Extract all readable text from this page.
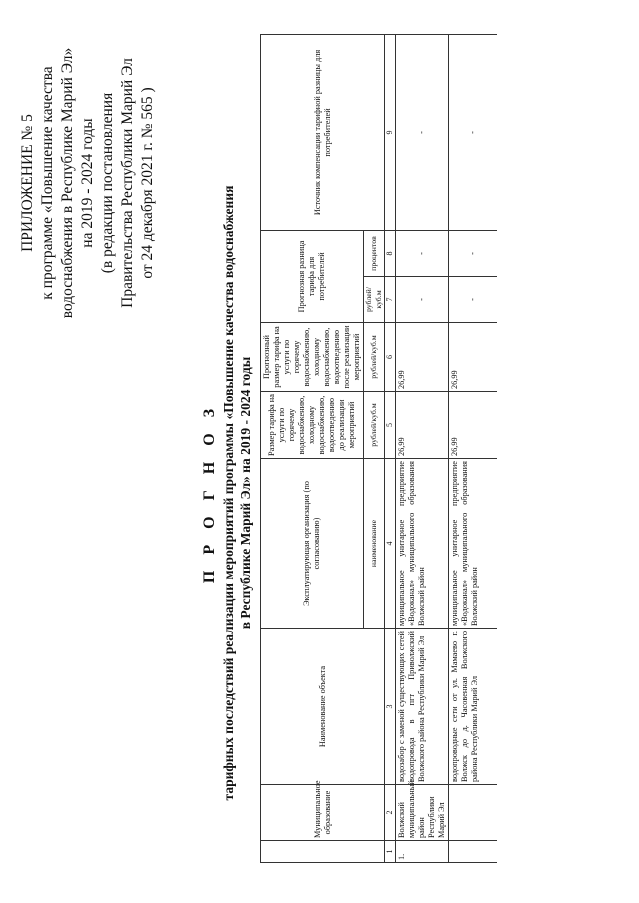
ПРИЛОЖЕНИЕ № 5 к программе «Повышение качества водоснабжения в Республике Марий Эл» на 2019 - 2024 годы (в редакции постановления Правительства Республики Марий Эл от 24 декабря 2021 г. № 565 )
П Р О Г Н О З тарифных последствий реализации мероприятий программы «Повышение качества водоснабжения в Республике Марий Эл» на 2019 - 2024 годы
	Муниципальное образование	Наименование объекта	Эксплуатирующая организация (по согласованию)	Размер тарифа на услуги по горячему водоснабжению, холодному водоснабжению, водоотведению до реализации мероприятий	Прогнозный размер тарифа на услуги по горячему водоснабжению, холодному водоснабжению, водоотведению после реализации мероприятий	Прогнозная разница тарифа для потребителей		Источник компенсации тарифной разницы для потребителей
			наименование	рублей/куб.м	рублей/куб.м	рублей/куб.м	процентов	
1	2	3	4	5	6	7	8	9
1.	Волжский муниципальный район Республики Марий Эл	водозабор с заменой существующих сетей водопровода в пгт Приволжский Волжского района Республики Марий Эл	муниципальное унитарное предприятие «Водоканал» муниципального образования Волжский район	26,99	26,99	-	-	-
		водопроводные сети от ул. Мамаево г. Волжск до д. Часовенная Волжского района Республики Марий Эл	муниципальное унитарное предприятие «Водоканал» муниципального образования Волжский район	26,99	26,99	-	-	-
